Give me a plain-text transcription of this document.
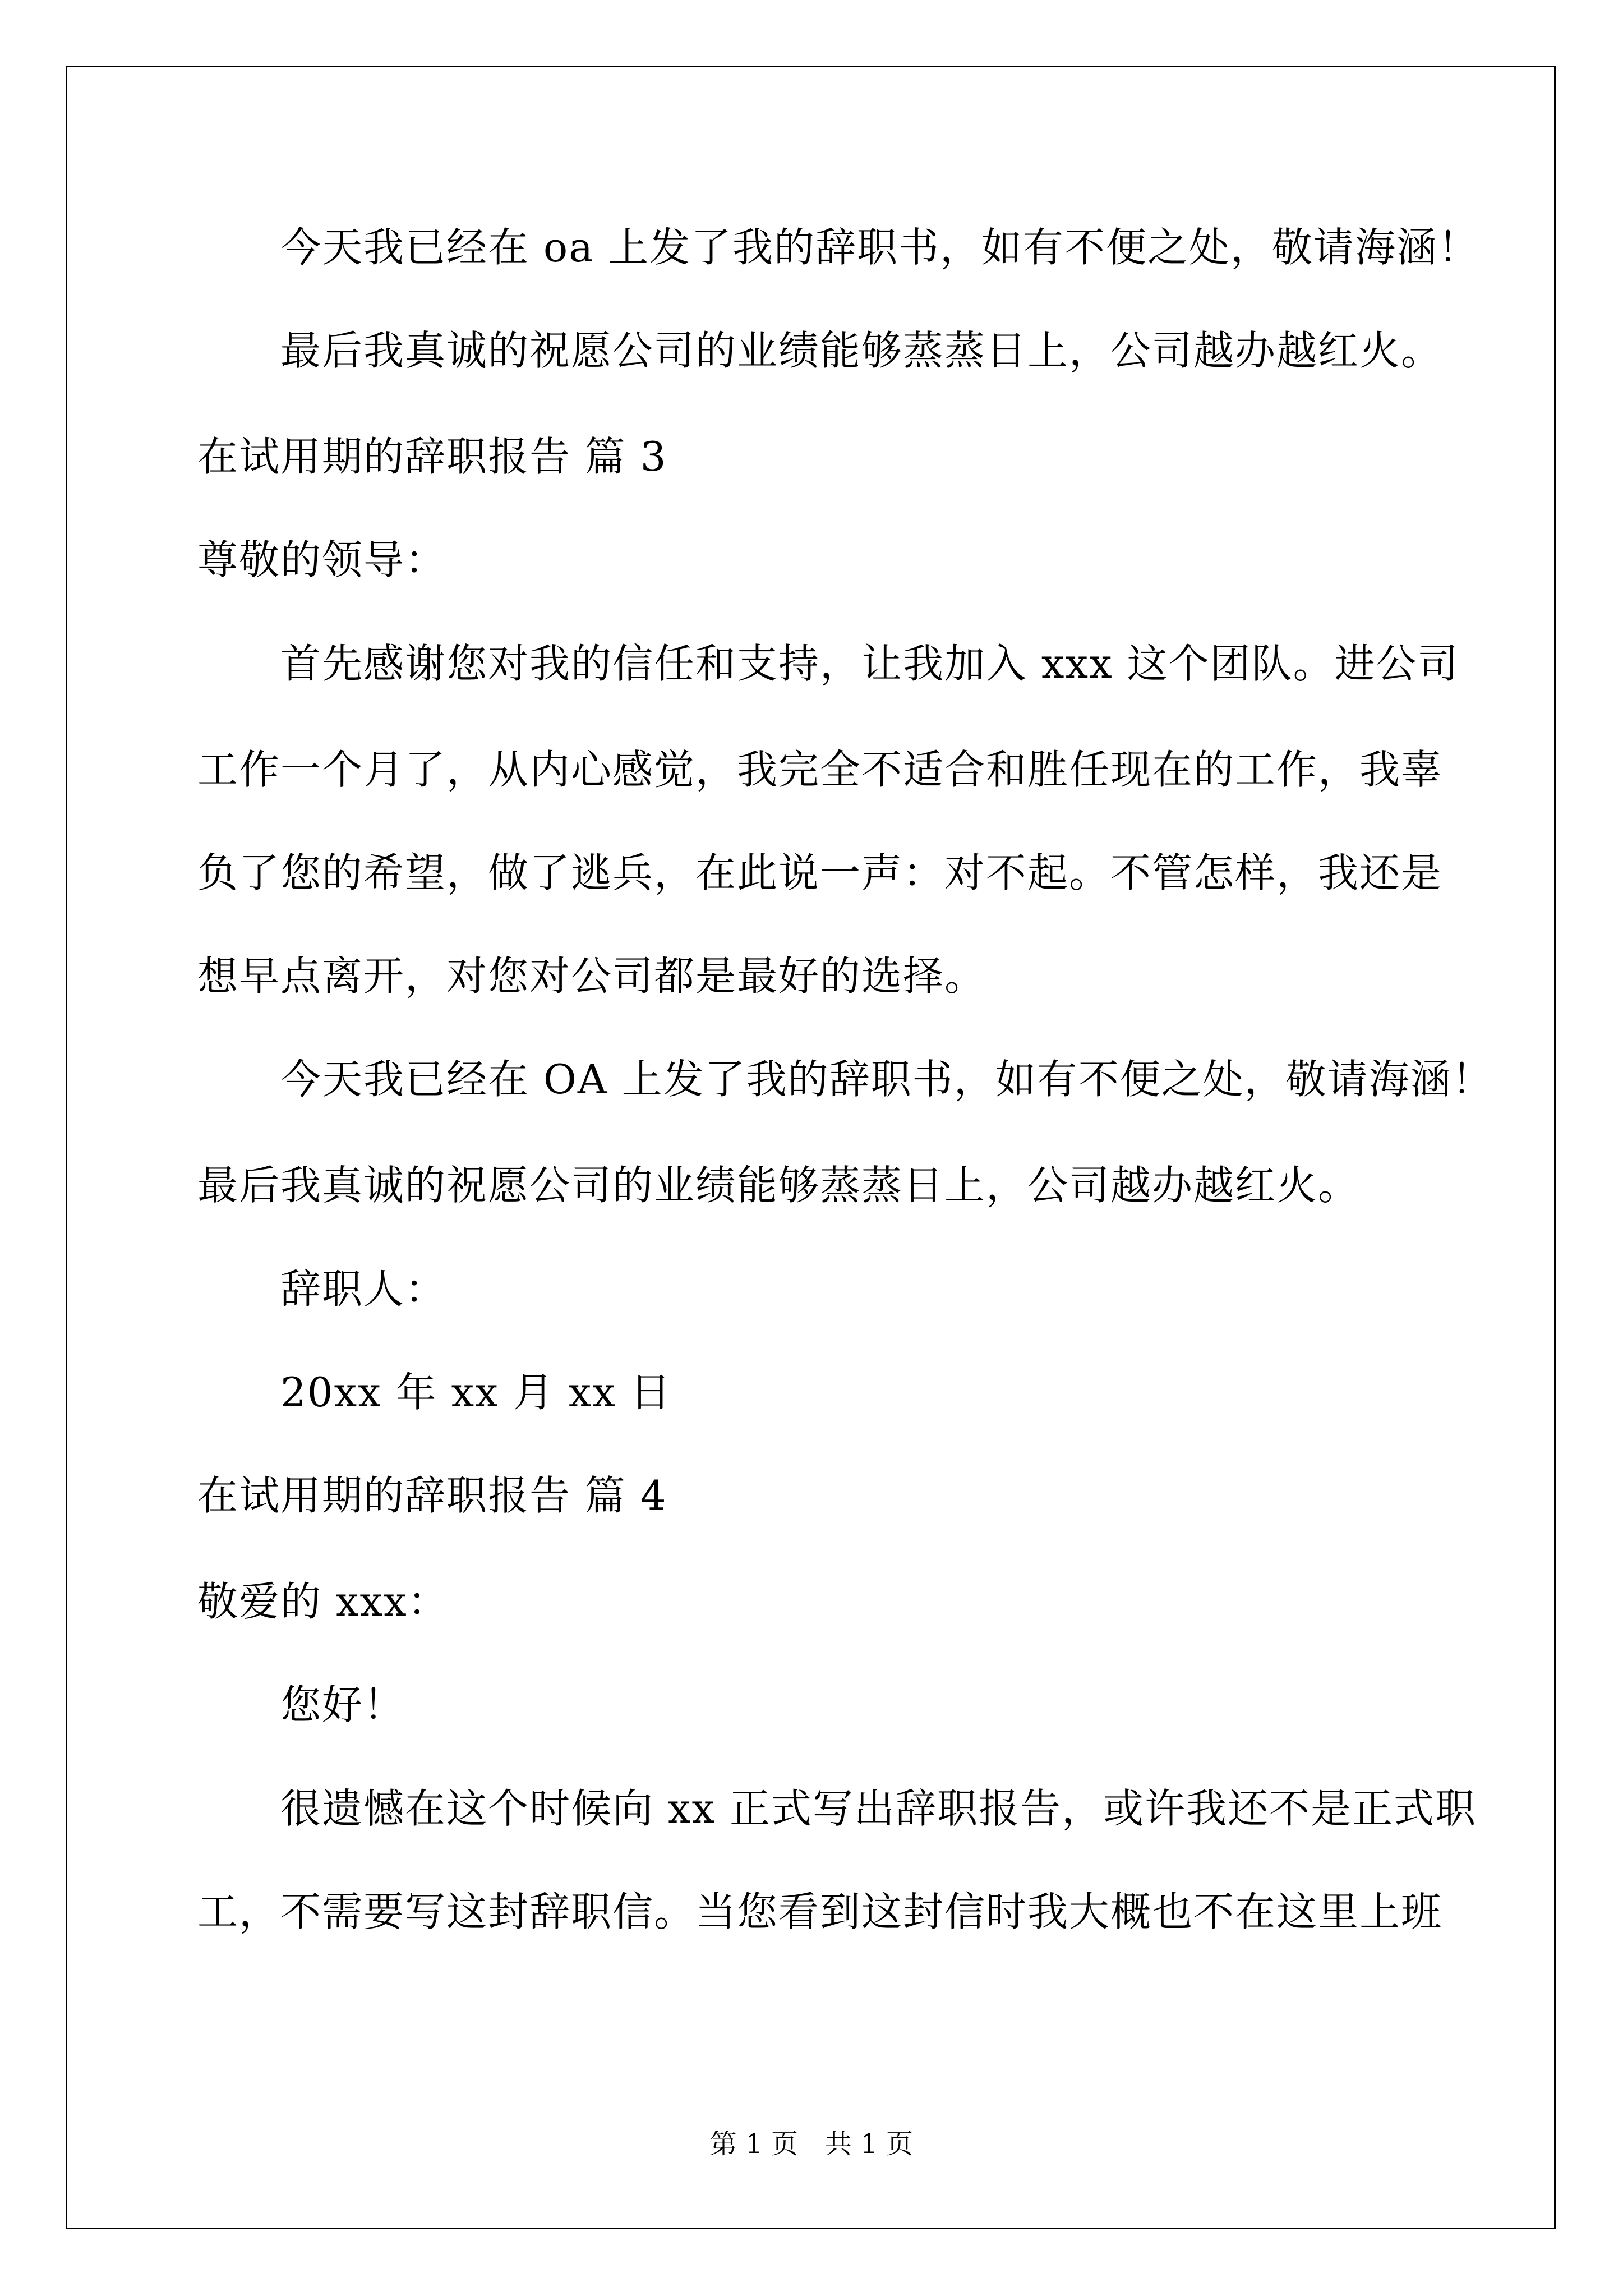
今天我已经在 oa 上发了我的辞职书，如有不便之处，敬请海涵！
最后我真诚的祝愿公司的业绩能够蒸蒸日上，公司越办越红火。
在试用期的辞职报告 篇 3
尊敬的领导：
首先感谢您对我的信任和支持，让我加入 xxx 这个团队。进公司
工作一个月了，从内心感觉，我完全不适合和胜任现在的工作，我辜
负了您的希望，做了逃兵，在此说一声：对不起。不管怎样，我还是
想早点离开，对您对公司都是最好的选择。
今天我已经在 OA 上发了我的辞职书，如有不便之处，敬请海涵！
最后我真诚的祝愿公司的业绩能够蒸蒸日上，公司越办越红火。
辞职人：
20xx 年 xx 月 xx 日
在试用期的辞职报告 篇 4
敬爱的 xxx：
您好！
很遗憾在这个时候向 xx 正式写出辞职报告，或许我还不是正式职
工，不需要写这封辞职信。当您看到这封信时我大概也不在这里上班
第 1 页　共 1 页
